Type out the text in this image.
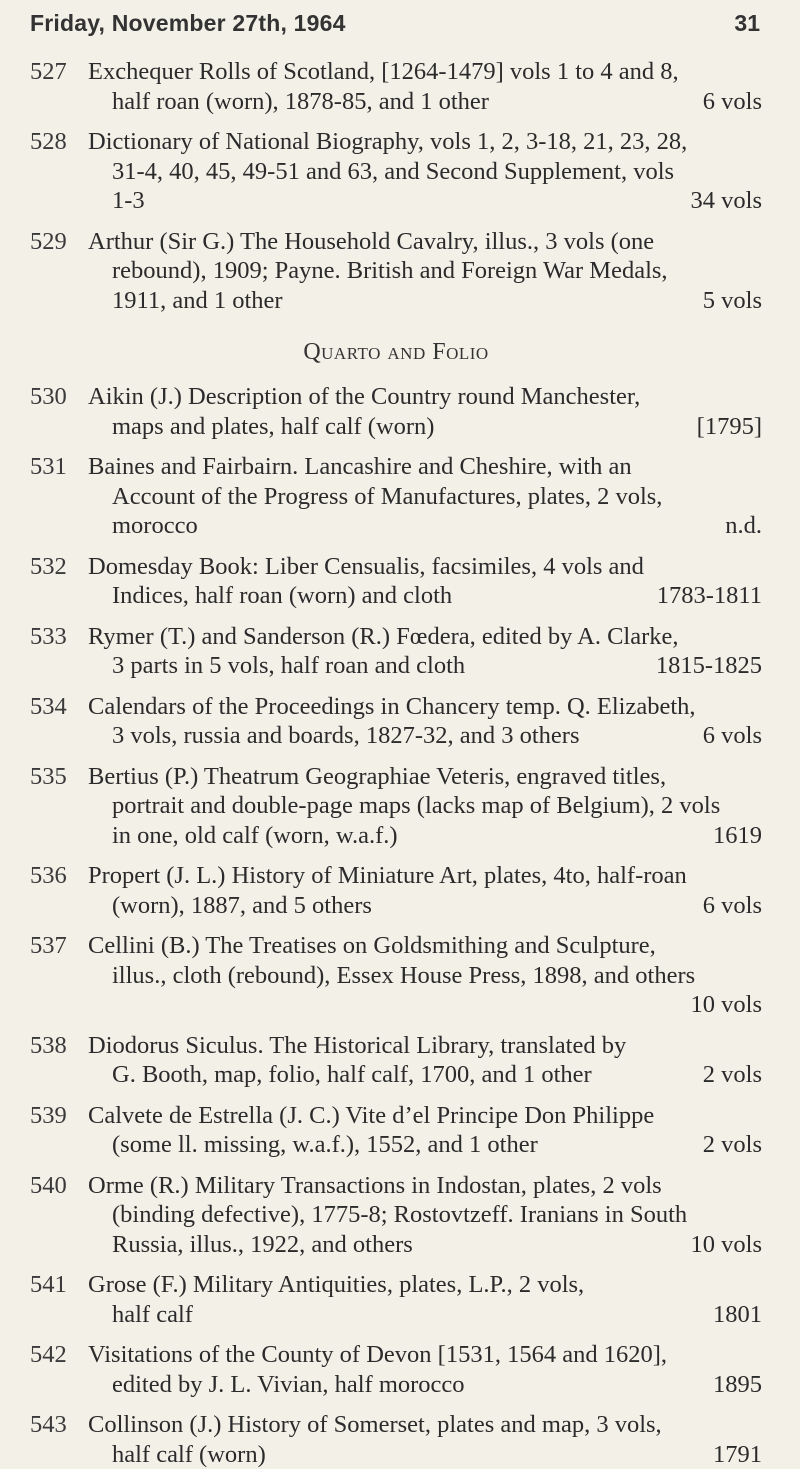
Friday, November 27th, 1964	31
527 Exchequer Rolls of Scotland, [1264-1479] vols 1 to 4 and 8,
half roan (worn), 1878-85, and 1 other	6 vols
528 Dictionary of National Biography, vols 1, 2, 3-18, 21, 23, 28,
31-4, 40, 45, 49-51 and 63, and Second Supplement, vols
1-3	34 vols
529 Arthur (Sir G.) The Household Cavalry, illus., 3 vols (one
rebound), 1909; Payne. British and Foreign War Medals,
1911, and 1 other	5 vols
Quarto and Folio
530 Aikin (J.) Description of the Country round Manchester,
maps and plates, half calf (worn)	[1795]
531 Baines and Fairbairn. Lancashire and Cheshire, with an
Account of the Progress of Manufactures, plates, 2 vols,
morocco	n.d.
532 Domesday Book: Liber Censualis, facsimiles, 4 vols and
Indices, half roan (worn) and cloth	1783-1811
533 Rymer (T.) and Sanderson (R.) Fœdera, edited by A. Clarke,
3 parts in 5 vols, half roan and cloth	1815-1825
534 Calendars of the Proceedings in Chancery temp. Q. Elizabeth,
3 vols, russia and boards, 1827-32, and 3 others	6 vols
535 Bertius (P.) Theatrum Geographiae Veteris, engraved titles,
portrait and double-page maps (lacks map of Belgium), 2 vols
in one, old calf (worn, w.a.f.)	1619
536 Propert (J. L.) History of Miniature Art, plates, 4to, half-roan
(worn), 1887, and 5 others	6 vols
537 Cellini (B.) The Treatises on Goldsmithing and Sculpture,
illus., cloth (rebound), Essex House Press, 1898, and others
10 vols
538 Diodorus Siculus. The Historical Library, translated by
G. Booth, map, folio, half calf, 1700, and 1 other	2 vols
539 Calvete de Estrella (J. C.) Vite d’el Principe Don Philippe
(some ll. missing, w.a.f.), 1552, and 1 other	2 vols
540 Orme (R.) Military Transactions in Indostan, plates, 2 vols
(binding defective), 1775-8; Rostovtzeff. Iranians in South
Russia, illus., 1922, and others	10 vols
541 Grose (F.) Military Antiquities, plates, L.P., 2 vols,
half calf	1801
542 Visitations of the County of Devon [1531, 1564 and 1620],
edited by J. L. Vivian, half morocco	1895
543 Collinson (J.) History of Somerset, plates and map, 3 vols,
half calf (worn)	1791
